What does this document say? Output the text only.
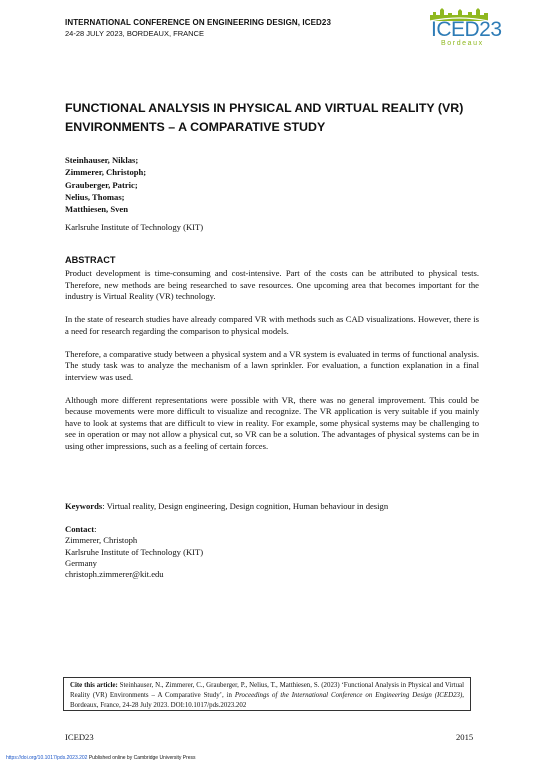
INTERNATIONAL CONFERENCE ON ENGINEERING DESIGN, ICED23
24-28 JULY 2023, BORDEAUX, FRANCE	ICED23
Bordeaux
FUNCTIONAL ANALYSIS IN PHYSICAL AND VIRTUAL REALITY (VR) ENVIRONMENTS – A COMPARATIVE STUDY
Steinhauser, Niklas;
Zimmerer, Christoph;
Grauberger, Patric;
Nelius, Thomas;
Matthiesen, Sven
Karlsruhe Institute of Technology (KIT)
ABSTRACT

Product development is time-consuming and cost-intensive. Part of the costs can be attributed to physical tests. Therefore, new methods are being researched to save resources. One upcoming area that becomes important for the industry is Virtual Reality (VR) technology.

In the state of research studies have already compared VR with methods such as CAD visualizations. However, there is a need for research regarding the comparison to physical models.

Therefore, a comparative study between a physical system and a VR system is evaluated in terms of functional analysis. The study task was to analyze the mechanism of a lawn sprinkler. For evaluation, a function explanation in a final interview was used.

Although more different representations were possible with VR, there was no general improvement. This could be because movements were more difficult to visualize and recognize. The VR application is very suitable if you mainly have to look at systems that are difficult to view in reality. For example, some physical systems may be challenging to see in operation or may not allow a physical cut, so VR can be a solution. The advantages of physical systems can be in using other impressions, such as a feeling of certain forces.

Keywords: Virtual reality, Design engineering, Design cognition, Human behaviour in design
Contact:
Zimmerer, Christoph
Karlsruhe Institute of Technology (KIT)
Germany
christoph.zimmerer@kit.edu
Cite this article: Steinhauser, N., Zimmerer, C., Grauberger, P., Nelius, T., Matthiesen, S. (2023) ‘Functional Analysis in Physical and Virtual Reality (VR) Environments – A Comparative Study’, in Proceedings of the International Conference on Engineering Design (ICED23), Bordeaux, France, 24-28 July 2023. DOI:10.1017/pds.2023.202
ICED23	2015
https://doi.org/10.1017/pds.2023.202 Published online by Cambridge University Press
